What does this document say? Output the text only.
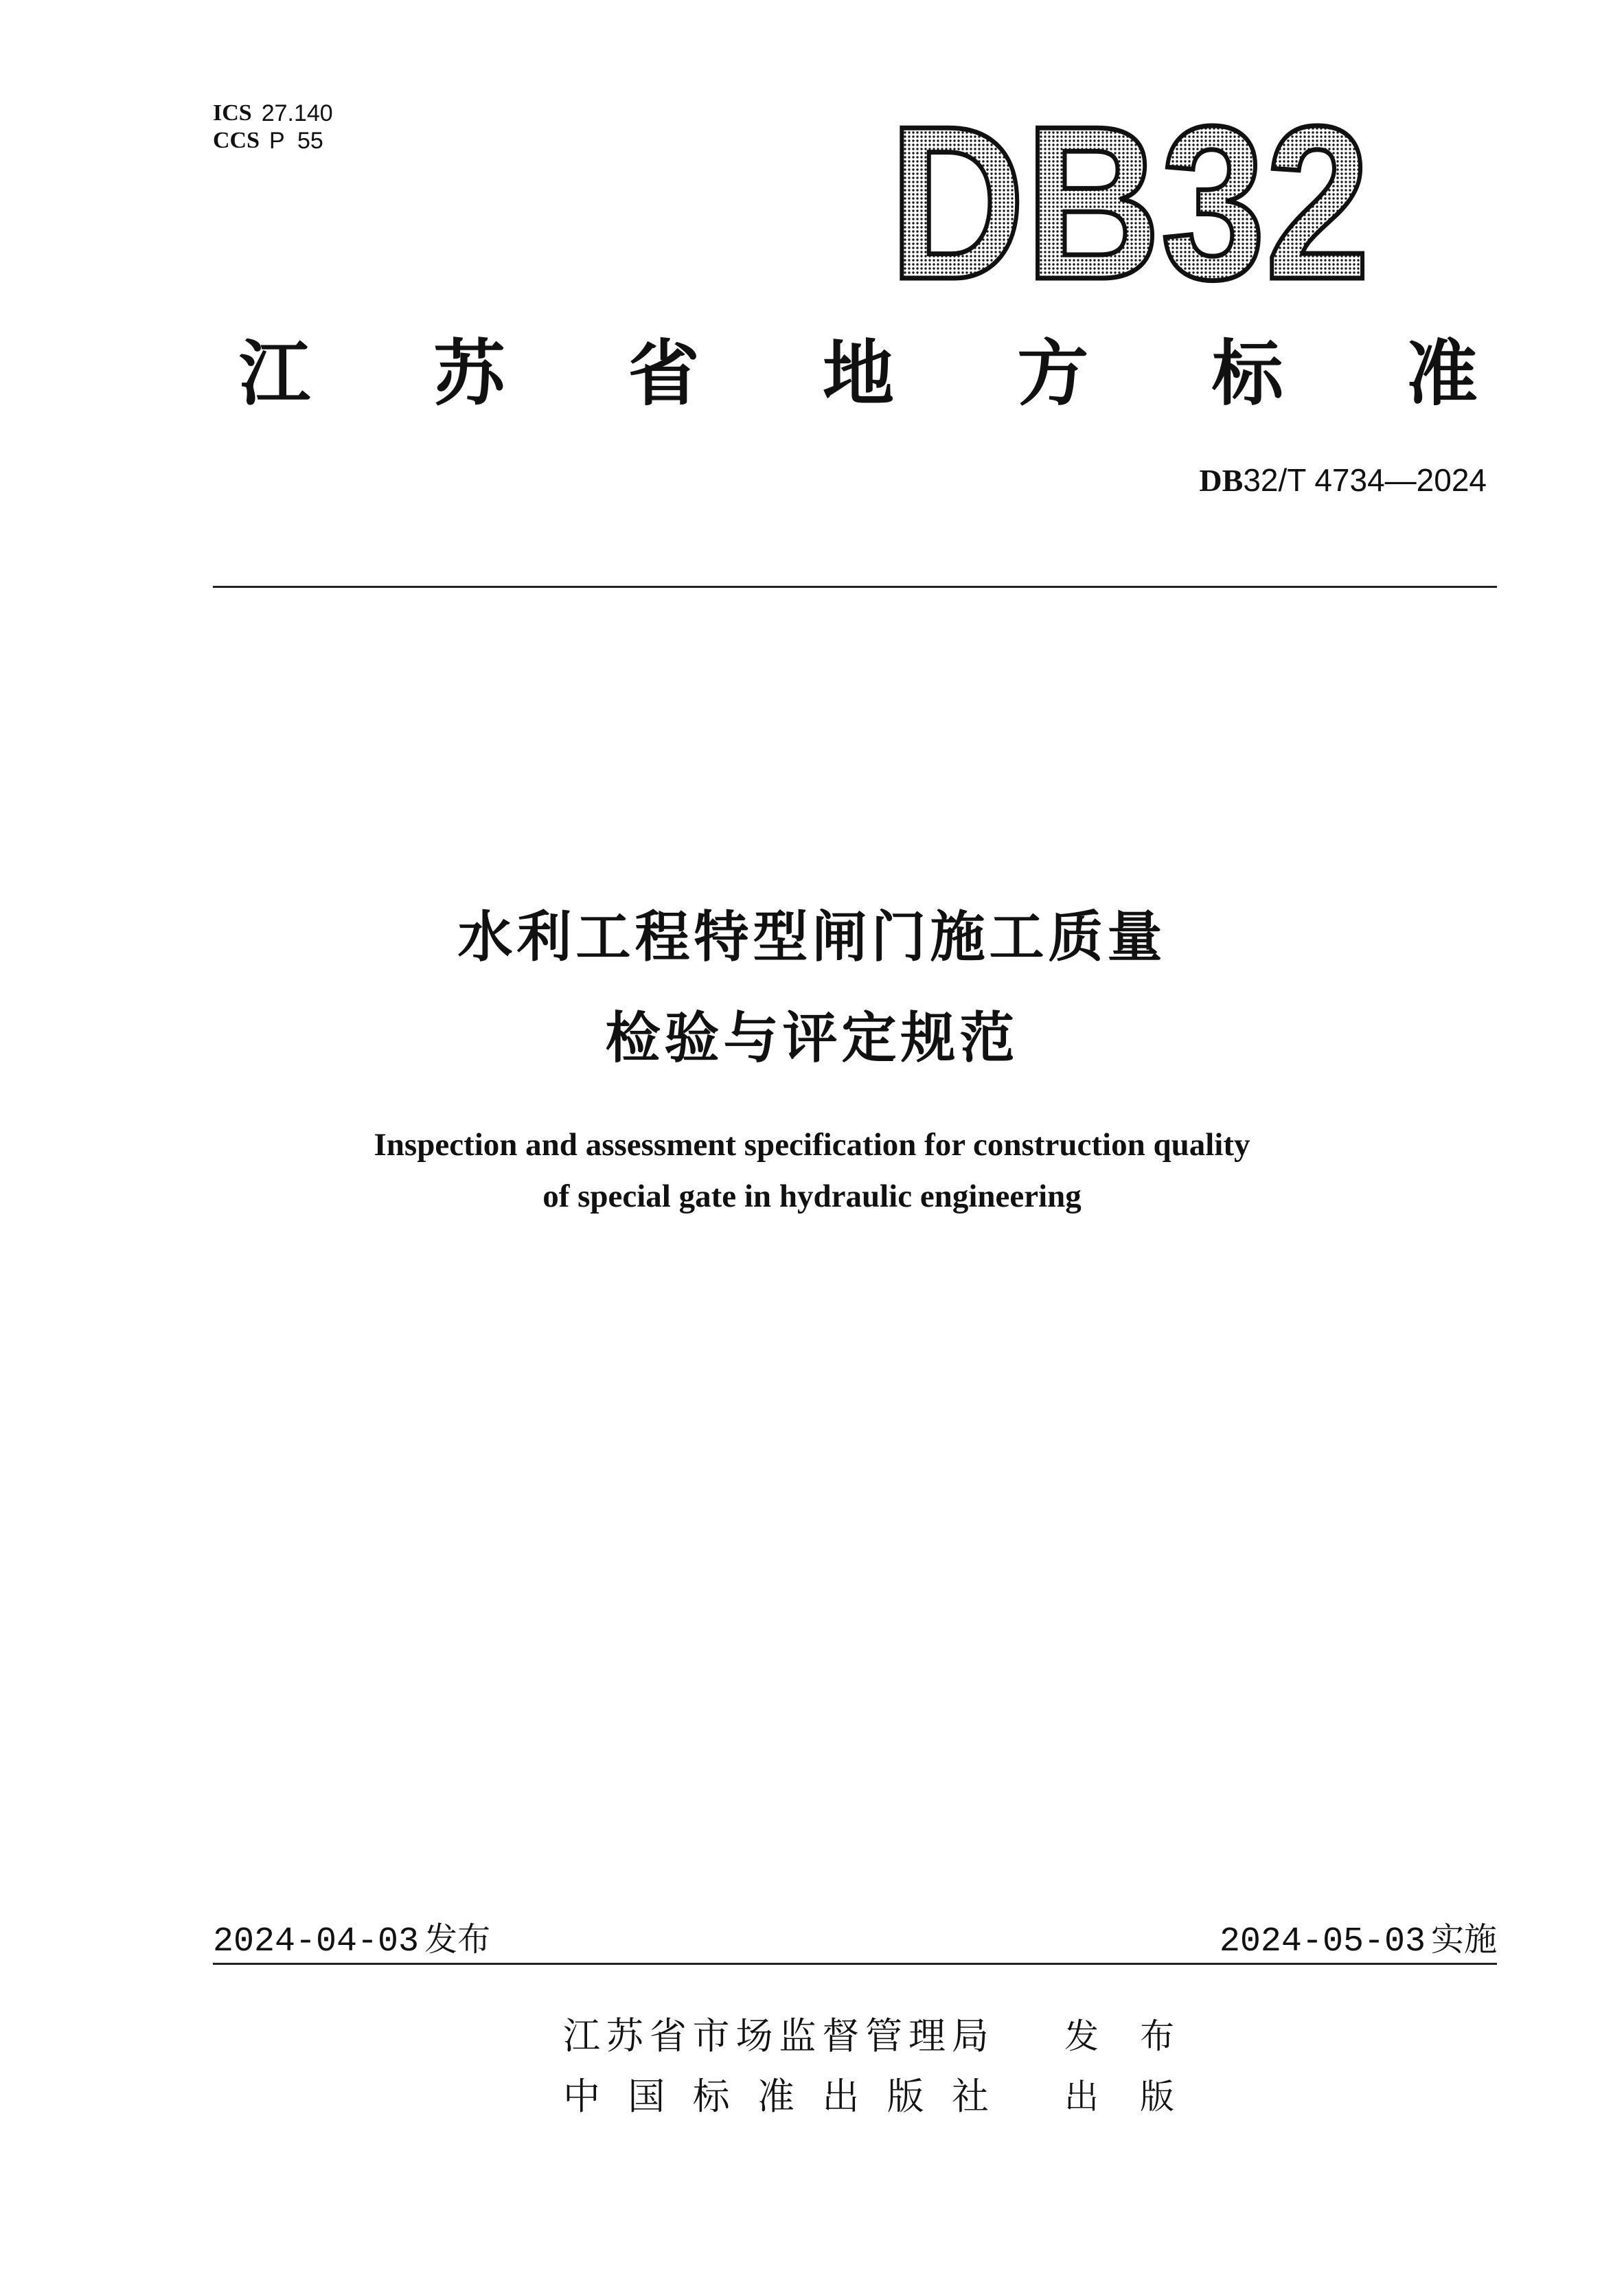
ICS 27.140
CCS P  55	DB32
江 苏 省 地 方 标 准
DB32/T 4734—2024
水利工程特型闸门施工质量
检验与评定规范
Inspection and assessment specification for construction quality
of special gate in hydraulic engineering
2024-04-03 发布	2024-05-03 实施
江 苏 省 市 场 监 督 管 理 局 发 布
中 国 标 准 出 版 社 出 版
